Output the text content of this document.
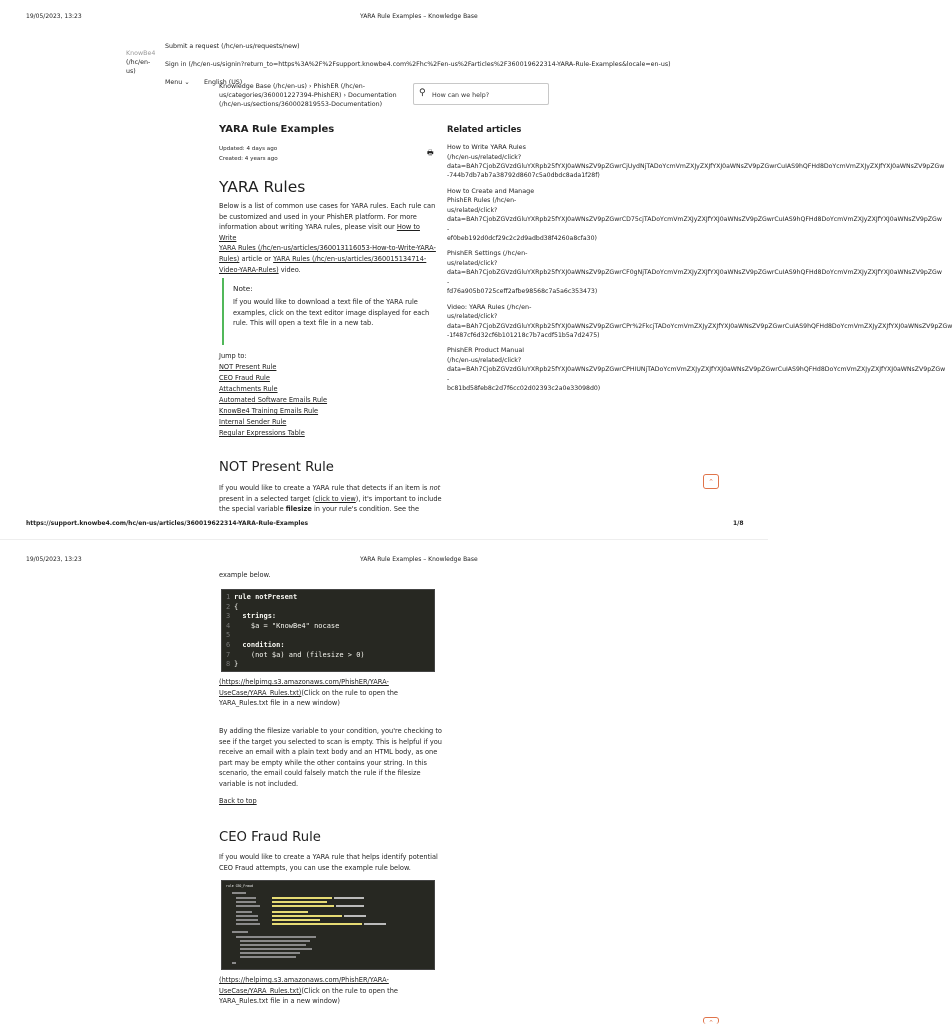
19/05/2023, 13:23	YARA Rule Examples – Knowledge Base
KnowBe4
(/hc/en-us)
Submit a request (/hc/en-us/requests/new)
Sign in (/hc/en-us/signin?return_to=https%3A%2F%2Fsupport.knowbe4.com%2Fhc%2Fen-us%2Farticles%2F360019622314-YARA-Rule-Examples&locale=en-us)
Menu ⌄ English (US)
Knowledge Base (/hc/en-us) › PhishER (/hc/en-
us/categories/360001227394-PhishER) › Documentation
(/hc/en-us/sections/360002819553-Documentation)
⚲ How can we help?
YARA Rule Examples
Updated: 4 days ago
Created: 4 years ago
🖶
YARA Rules
Below is a list of common use cases for YARA rules. Each rule can
be customized and used in your PhishER platform. For more
information about writing YARA rules, please visit our How to Write
YARA Rules (/hc/en-us/articles/360013116053-How-to-Write-YARA-
Rules) article or YARA Rules (/hc/en-us/articles/360015134714-
Video-YARA-Rules) video.
Note:
If you would like to download a text file of the YARA rule
examples, click on the text editor image displayed for each
rule. This will open a text file in a new tab.
Jump to:
NOT Present Rule
CEO Fraud Rule
Attachments Rule
Automated Software Emails Rule
KnowBe4 Training Emails Rule
Internal Sender Rule
Regular Expressions Table
NOT Present Rule
If you would like to create a YARA rule that detects if an item is not
present in a selected target (click to view), it's important to include
the special variable filesize in your rule's condition. See the
Related articles
How to Write YARA Rules
(/hc/en-us/related/click?
data=BAh7CjobZGVzdGluYXRpb25fYXJ0aWNsZV9pZGwrCjUydNjTADoYcmVmZXJyZXJfYXJ0aWNsZV9pZGwrCuIAS9hQFHd8DoYcmVmZXJyZXJfYXJ0aWNsZV9pZGw
-744b7db7ab7a38792d8607c5a0dbdc8ada1f28f)
How to Create and Manage
PhishER Rules (/hc/en-
us/related/click?
data=BAh7CjobZGVzdGluYXRpb25fYXJ0aWNsZV9pZGwrCD75cjTADoYcmVmZXJyZXJfYXJ0aWNsZV9pZGwrCuIAS9hQFHd8DoYcmVmZXJyZXJfYXJ0aWNsZV9pZGw
-
ef0beb192d0dcf29c2c2d9adbd38f4260a8cfa30)
PhishER Settings (/hc/en-
us/related/click?
data=BAh7CjobZGVzdGluYXRpb25fYXJ0aWNsZV9pZGwrCF0gNjTADoYcmVmZXJyZXJfYXJ0aWNsZV9pZGwrCuIAS9hQFHd8DoYcmVmZXJyZXJfYXJ0aWNsZV9pZGw
-
fd76a905b0725ceff2afbe98568c7a5a6c353473)
Video: YARA Rules (/hc/en-
us/related/click?
data=BAh7CjobZGVzdGluYXRpb25fYXJ0aWNsZV9pZGwrCPr%2FkcjTADoYcmVmZXJyZXJfYXJ0aWNsZV9pZGwrCuIAS9hQFHd8DoYcmVmZXJyZXJfYXJ0aWNsZV9pZGw
-1f487cf6d32cf6b101218c7b7acdf51b5a7d2475)
PhishER Product Manual
(/hc/en-us/related/click?
data=BAh7CjobZGVzdGluYXRpb25fYXJ0aWNsZV9pZGwrCPHIUNjTADoYcmVmZXJyZXJfYXJ0aWNsZV9pZGwrCuIAS9hQFHd8DoYcmVmZXJyZXJfYXJ0aWNsZV9pZGw
-
bc81bd58feb8c2d7f6cc02d02393c2a0e33098d0)
⌃
https://support.knowbe4.com/hc/en-us/articles/360019622314-YARA-Rule-Examples	1/8
19/05/2023, 13:23	YARA Rule Examples – Knowledge Base
example below.
1 rule notPresent
2 {
3  strings:
4    $a = "KnowBe4" nocase
5
6  condition:
7    (not $a) and (filesize > 0)
8 }
(https://helpimg.s3.amazonaws.com/PhishER/YARA-
UseCase/YARA_Rules.txt)(Click on the rule to open the
YARA_Rules.txt file in a new window)
By adding the filesize variable to your condition, you're checking to
see if the target you selected to scan is empty. This is helpful if you
receive an email with a plain text body and an HTML body, as one
part may be empty while the other contains your string. In this
scenario, the email could falsely match the rule if the filesize
variable is not included.
Back to top
CEO Fraud Rule
If you would like to create a YARA rule that helps identify potential
CEO Fraud attempts, you can use the example rule below.
rule CEO_Fraud
(https://helpimg.s3.amazonaws.com/PhishER/YARA-
UseCase/YARA_Rules.txt)(Click on the rule to open the
YARA_Rules.txt file in a new window)
⌃
